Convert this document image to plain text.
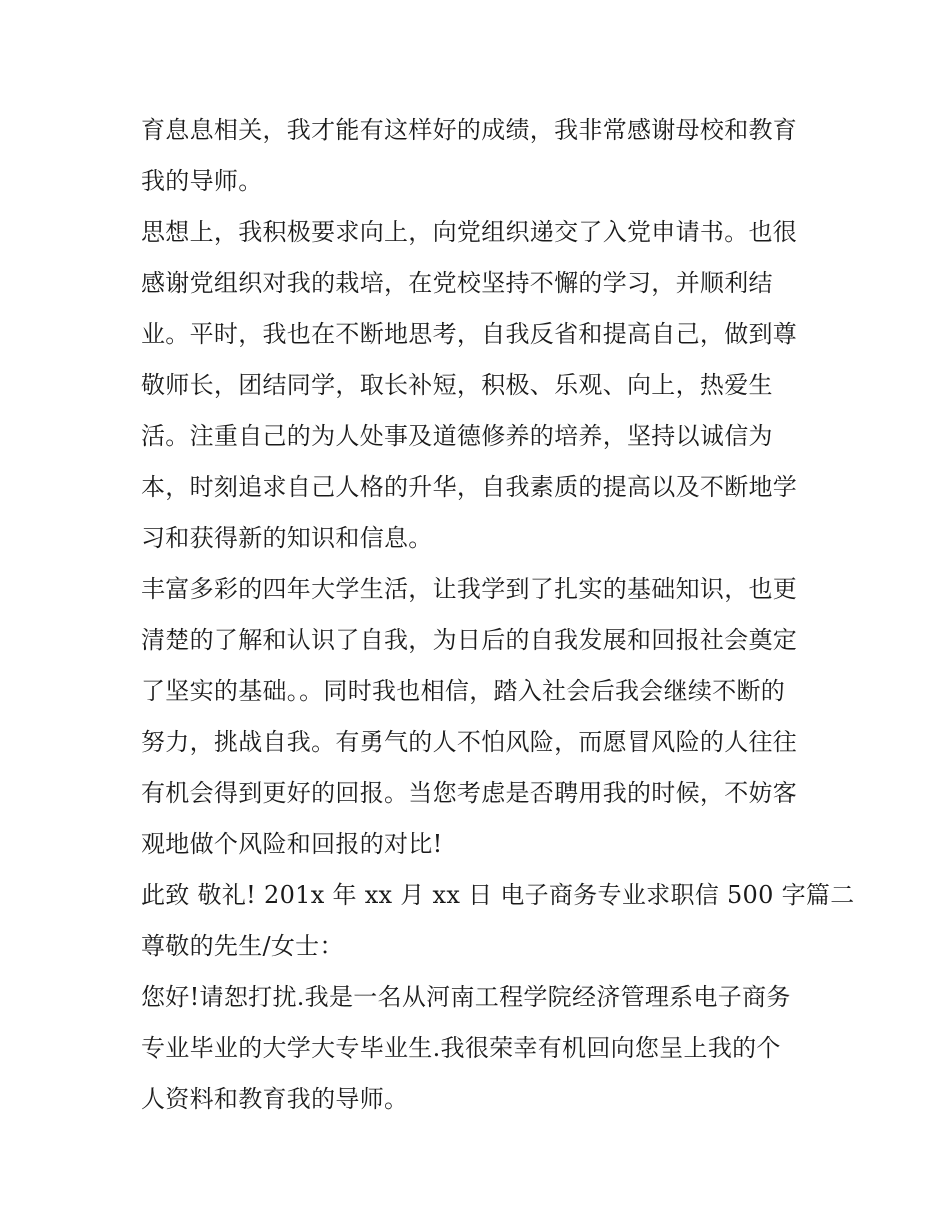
育息息相关，我才能有这样好的成绩，我非常感谢母校和教育
我的导师。
思想上，我积极要求向上，向党组织递交了入党申请书。也很
感谢党组织对我的栽培，在党校坚持不懈的学习，并顺利结
业。平时，我也在不断地思考，自我反省和提高自己，做到尊
敬师长，团结同学，取长补短，积极、乐观、向上，热爱生
活。注重自己的为人处事及道德修养的培养，坚持以诚信为
本，时刻追求自己人格的升华，自我素质的提高以及不断地学
习和获得新的知识和信息。
丰富多彩的四年大学生活，让我学到了扎实的基础知识，也更
清楚的了解和认识了自我，为日后的自我发展和回报社会奠定
了坚实的基础。。同时我也相信，踏入社会后我会继续不断的
努力，挑战自我。有勇气的人不怕风险，而愿冒风险的人往往
有机会得到更好的回报。当您考虑是否聘用我的时候，不妨客
观地做个风险和回报的对比!
此致 敬礼! 201x 年 xx 月 xx 日 电子商务专业求职信 500 字篇二
尊敬的先生/女士：
您好!请恕打扰.我是一名从河南工程学院经济管理系电子商务
专业毕业的大学大专毕业生.我很荣幸有机回向您呈上我的个
人资料和教育我的导师。
